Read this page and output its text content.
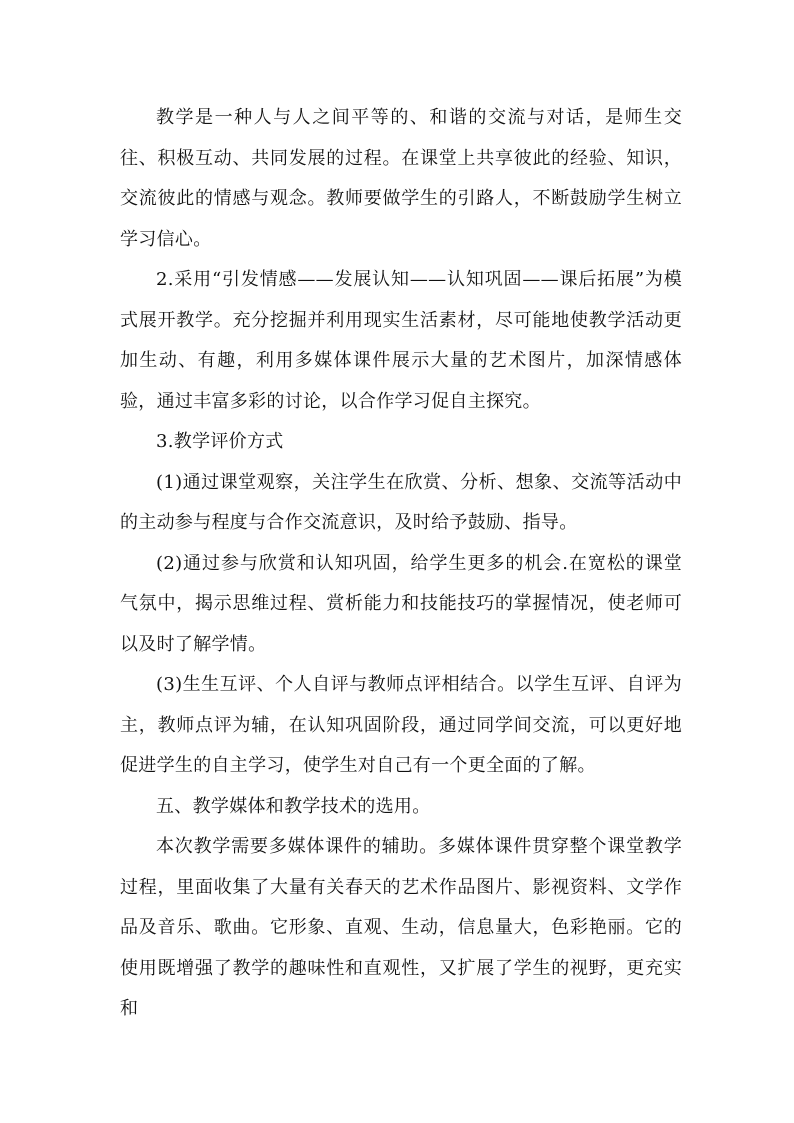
教学是一种人与人之间平等的、和谐的交流与对话，是师生交往、积极互动、共同发展的过程。在课堂上共享彼此的经验、知识，交流彼此的情感与观念。教师要做学生的引路人，不断鼓励学生树立学习信心。

2.采用“引发情感——发展认知——认知巩固——课后拓展”为模式展开教学。充分挖掘并利用现实生活素材，尽可能地使教学活动更加生动、有趣，利用多媒体课件展示大量的艺术图片，加深情感体验，通过丰富多彩的讨论，以合作学习促自主探究。

3.教学评价方式

(1)通过课堂观察，关注学生在欣赏、分析、想象、交流等活动中的主动参与程度与合作交流意识，及时给予鼓励、指导。

(2)通过参与欣赏和认知巩固，给学生更多的机会.在宽松的课堂气氛中，揭示思维过程、赏析能力和技能技巧的掌握情况，使老师可以及时了解学情。

(3)生生互评、个人自评与教师点评相结合。以学生互评、自评为主，教师点评为辅，在认知巩固阶段，通过同学间交流，可以更好地促进学生的自主学习，使学生对自己有一个更全面的了解。

五、教学媒体和教学技术的选用。

本次教学需要多媒体课件的辅助。多媒体课件贯穿整个课堂教学过程，里面收集了大量有关春天的艺术作品图片、影视资料、文学作品及音乐、歌曲。它形象、直观、生动，信息量大，色彩艳丽。它的使用既增强了教学的趣味性和直观性，又扩展了学生的视野，更充实和
